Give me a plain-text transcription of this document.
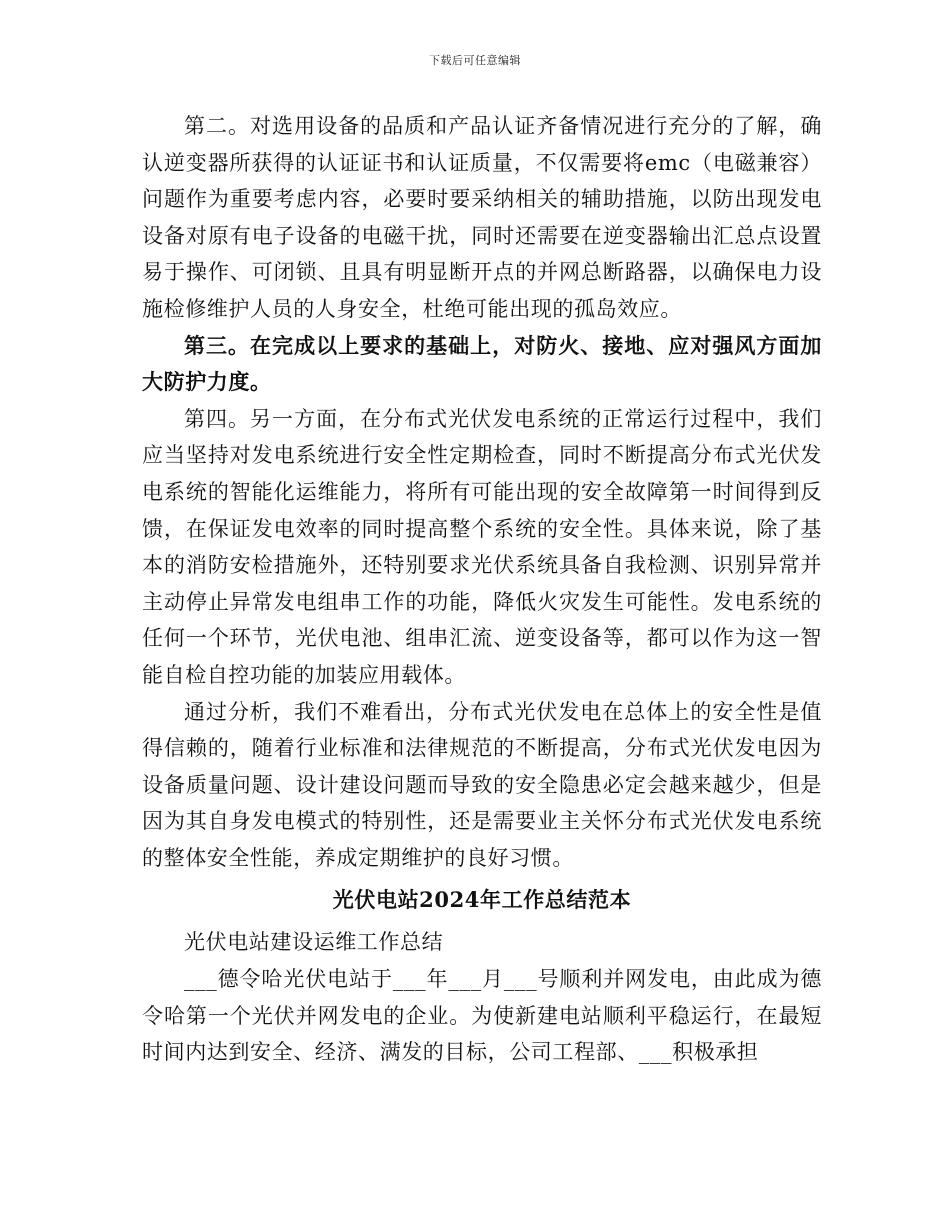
下载后可任意编辑

第二。对选用设备的品质和产品认证齐备情况进行充分的了解，确认逆变器所获得的认证证书和认证质量，不仅需要将emc（电磁兼容）问题作为重要考虑内容，必要时要采纳相关的辅助措施，以防出现发电设备对原有电子设备的电磁干扰，同时还需要在逆变器输出汇总点设置易于操作、可闭锁、且具有明显断开点的并网总断路器，以确保电力设施检修维护人员的人身安全，杜绝可能出现的孤岛效应。

第三。在完成以上要求的基础上，对防火、接地、应对强风方面加大防护力度。

第四。另一方面，在分布式光伏发电系统的正常运行过程中，我们应当坚持对发电系统进行安全性定期检查，同时不断提高分布式光伏发电系统的智能化运维能力，将所有可能出现的安全故障第一时间得到反馈，在保证发电效率的同时提高整个系统的安全性。具体来说，除了基本的消防安检措施外，还特别要求光伏系统具备自我检测、识别异常并主动停止异常发电组串工作的功能，降低火灾发生可能性。发电系统的任何一个环节，光伏电池、组串汇流、逆变设备等，都可以作为这一智能自检自控功能的加装应用载体。

通过分析，我们不难看出，分布式光伏发电在总体上的安全性是值得信赖的，随着行业标准和法律规范的不断提高，分布式光伏发电因为设备质量问题、设计建设问题而导致的安全隐患必定会越来越少，但是因为其自身发电模式的特别性，还是需要业主关怀分布式光伏发电系统的整体安全性能，养成定期维护的良好习惯。

光伏电站2024年工作总结范本

光伏电站建设运维工作总结

___德令哈光伏电站于___年___月___号顺利并网发电，由此成为德令哈第一个光伏并网发电的企业。为使新建电站顺利平稳运行，在最短时间内达到安全、经济、满发的目标，公司工程部、___积极承担
